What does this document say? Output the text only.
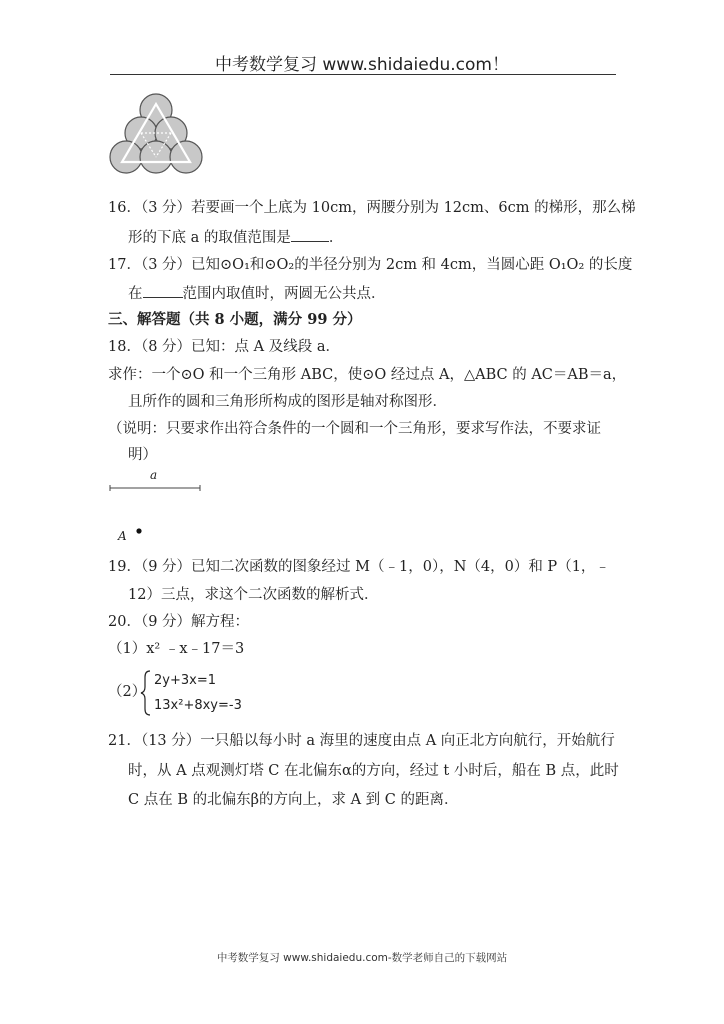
中考数学复习 www.shidaiedu.com！
16．（3 分）若要画一个上底为 10cm，两腰分别为 12cm、6cm 的梯形，那么梯
形的下底 a 的取值范围是	．
17．（3 分）已知⊙O₁和⊙O₂的半径分别为 2cm 和 4cm，当圆心距 O₁O₂ 的长度
在	范围内取值时，两圆无公共点．
三、解答题（共 8 小题，满分 99 分）
18．（8 分）已知：点 A 及线段 a．
求作：一个⊙O 和一个三角形 ABC，使⊙O 经过点 A，△ABC 的 AC＝AB＝a，
且所作的圆和三角形所构成的图形是轴对称图形．
（说明：只要求作出符合条件的一个圆和一个三角形，要求写作法，不要求证
明）
a
A
19．（9 分）已知二次函数的图象经过 M（﹣1，0），N（4，0）和 P（1，﹣
12）三点，求这个二次函数的解析式．
20．（9 分）解方程：
（1）x² ﹣x﹣17＝3
（2）
2y+3x=1
13x²+8xy=-3
21．（13 分）一只船以每小时 a 海里的速度由点 A 向正北方向航行，开始航行
时，从 A 点观测灯塔 C 在北偏东α的方向，经过 t 小时后，船在 B 点，此时
C 点在 B 的北偏东β的方向上，求 A 到 C 的距离．
中考数学复习 www.shidaiedu.com-数学老师自己的下载网站
